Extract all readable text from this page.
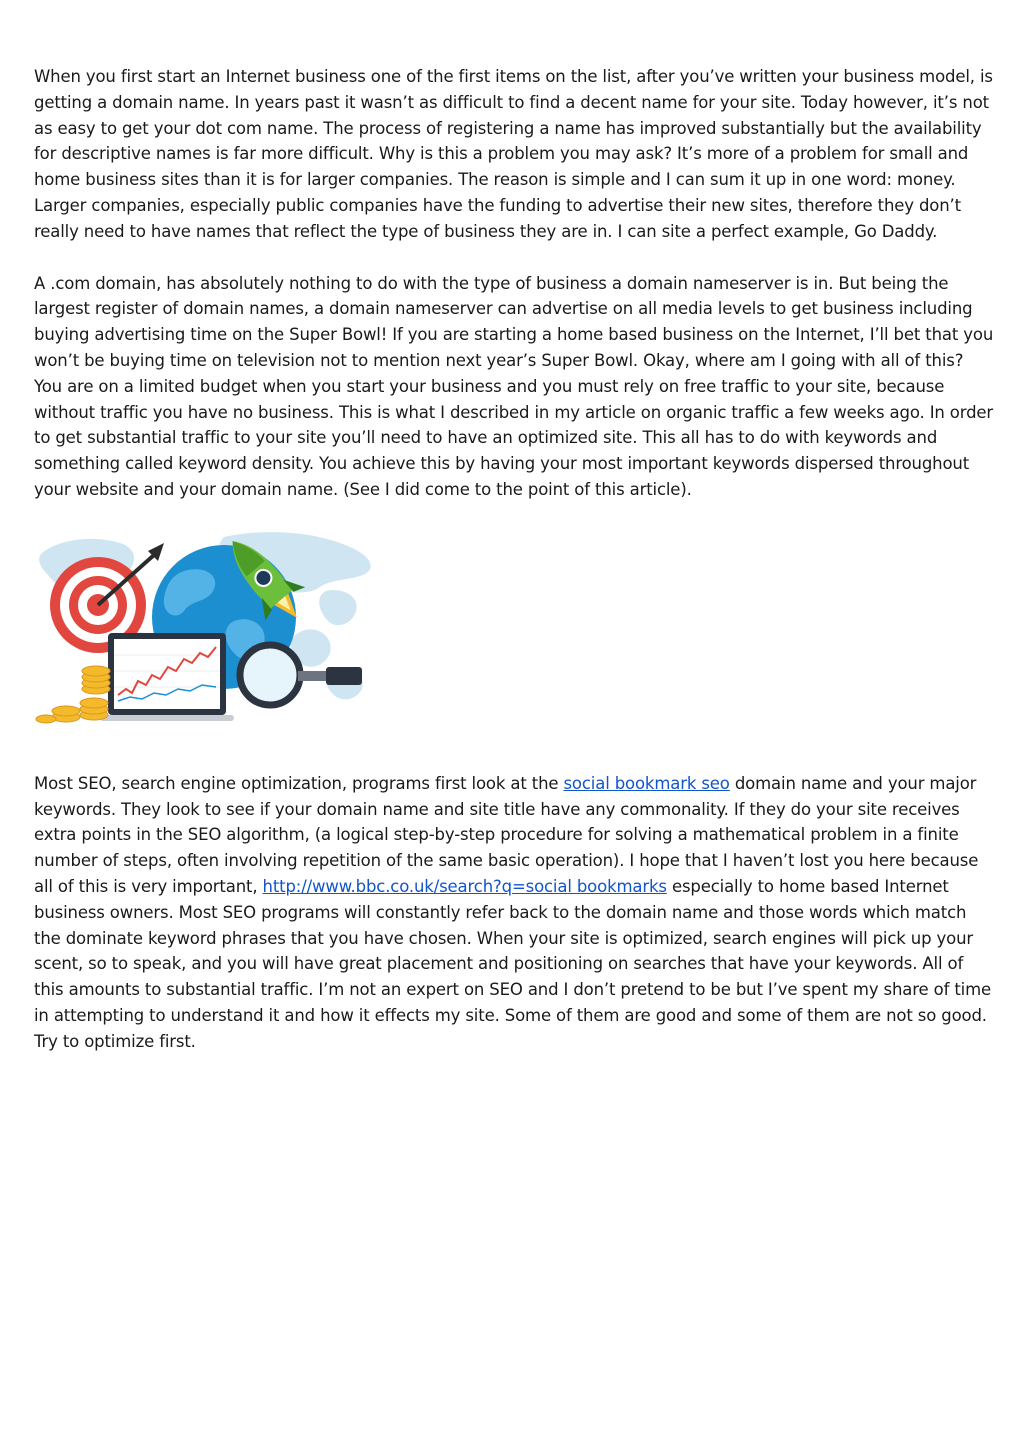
When you first start an Internet business one of the first items on the list, after you’ve written your business model, is getting a domain name. In years past it wasn’t as difficult to find a decent name for your site. Today however, it’s not as easy to get your dot com name. The process of registering a name has improved substantially but the availability for descriptive names is far more difficult. Why is this a problem you may ask? It’s more of a problem for small and home business sites than it is for larger companies. The reason is simple and I can sum it up in one word: money. Larger companies, especially public companies have the funding to advertise their new sites, therefore they don’t really need to have names that reflect the type of business they are in. I can site a perfect example, Go Daddy.

A .com domain, has absolutely nothing to do with the type of business a domain nameserver is in. But being the largest register of domain names, a domain nameserver can advertise on all media levels to get business including buying advertising time on the Super Bowl! If you are starting a home based business on the Internet, I’ll bet that you won’t be buying time on television not to mention next year’s Super Bowl. Okay, where am I going with all of this? You are on a limited budget when you start your business and you must rely on free traffic to your site, because without traffic you have no business. This is what I described in my article on organic traffic a few weeks ago. In order to get substantial traffic to your site you’ll need to have an optimized site. This all has to do with keywords and something called keyword density. You achieve this by having your most important keywords dispersed throughout your website and your domain name. (See I did come to the point of this article).

Most SEO, search engine optimization, programs first look at the social bookmark seo domain name and your major keywords. They look to see if your domain name and site title have any commonality. If they do your site receives extra points in the SEO algorithm, (a logical step-by-step procedure for solving a mathematical problem in a finite number of steps, often involving repetition of the same basic operation). I hope that I haven’t lost you here because all of this is very important, http://www.bbc.co.uk/search?q=social bookmarks especially to home based Internet business owners. Most SEO programs will constantly refer back to the domain name and those words which match the dominate keyword phrases that you have chosen. When your site is optimized, search engines will pick up your scent, so to speak, and you will have great placement and positioning on searches that have your keywords. All of this amounts to substantial traffic. I’m not an expert on SEO and I don’t pretend to be but I’ve spent my share of time in attempting to understand it and how it effects my site. Some of them are good and some of them are not so good. Try to optimize first.
